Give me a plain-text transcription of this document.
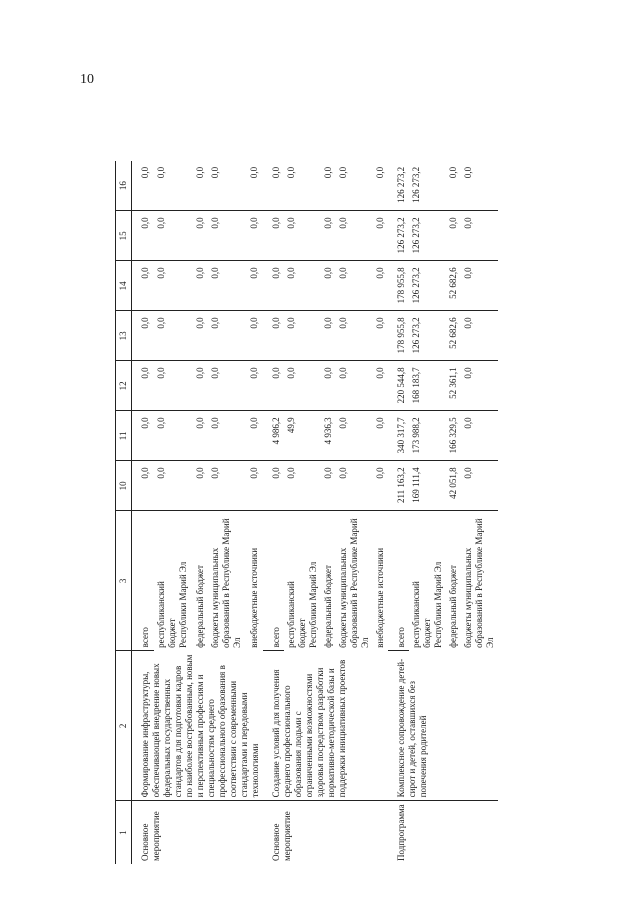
10
1	2	3	10	11	12	13	14	15	16
Основное
мероприятие	Формирование инфраструктуры, обеспечивающей внедрение новых федеральных государственных стандартов для подготовки кадров по наиболее востребованным, новым и перспективным профессиям и специальностям среднего профессионального образования в соответствии с современными стандартами и передовыми технологиями	всего	0,0	0,0	0,0	0,0	0,0	0,0	0,0
		республиканский
бюджет
Республики Марий Эл	0,0	0,0	0,0	0,0	0,0	0,0	0,0
		федеральный бюджет	0,0	0,0	0,0	0,0	0,0	0,0	0,0
		бюджеты муниципальных
образований в Республике Марий Эл	0,0	0,0	0,0	0,0	0,0	0,0	0,0
		внебюджетные источники	0,0	0,0	0,0	0,0	0,0	0,0	0,0
Основное
мероприятие	Создание условий для получения среднего профессионального образования людьми с ограниченными возможностями здоровья посредством разработки нормативно-методической базы и поддержки инициативных проектов	всего	0,0	4 986,2	0,0	0,0	0,0	0,0	0,0
		республиканский
бюджет
Республики Марий Эл	0,0	49,9	0,0	0,0	0,0	0,0	0,0
		федеральный бюджет	0,0	4 936,3	0,0	0,0	0,0	0,0	0,0
		бюджеты муниципальных
образований в Республике Марий Эл	0,0	0,0	0,0	0,0	0,0	0,0	0,0
		внебюджетные источники	0,0	0,0	0,0	0,0	0,0	0,0	0,0
Подпрограмма	Комплексное сопровождение детей-сирот и детей, оставшихся без попечения родителей	всего	211 163,2	340 317,7	220 544,8	178 955,8	178 955,8	126 273,2	126 273,2
		республиканский
бюджет
Республики Марий Эл	169 111,4	173 988,2	168 183,7	126 273,2	126 273,2	126 273,2	126 273,2
		федеральный бюджет	42 051,8	166 329,5	52 361,1	52 682,6	52 682,6	0,0	0,0
		бюджеты муниципальных
образований в Республике Марий Эл	0,0	0,0	0,0	0,0	0,0	0,0	0,0
